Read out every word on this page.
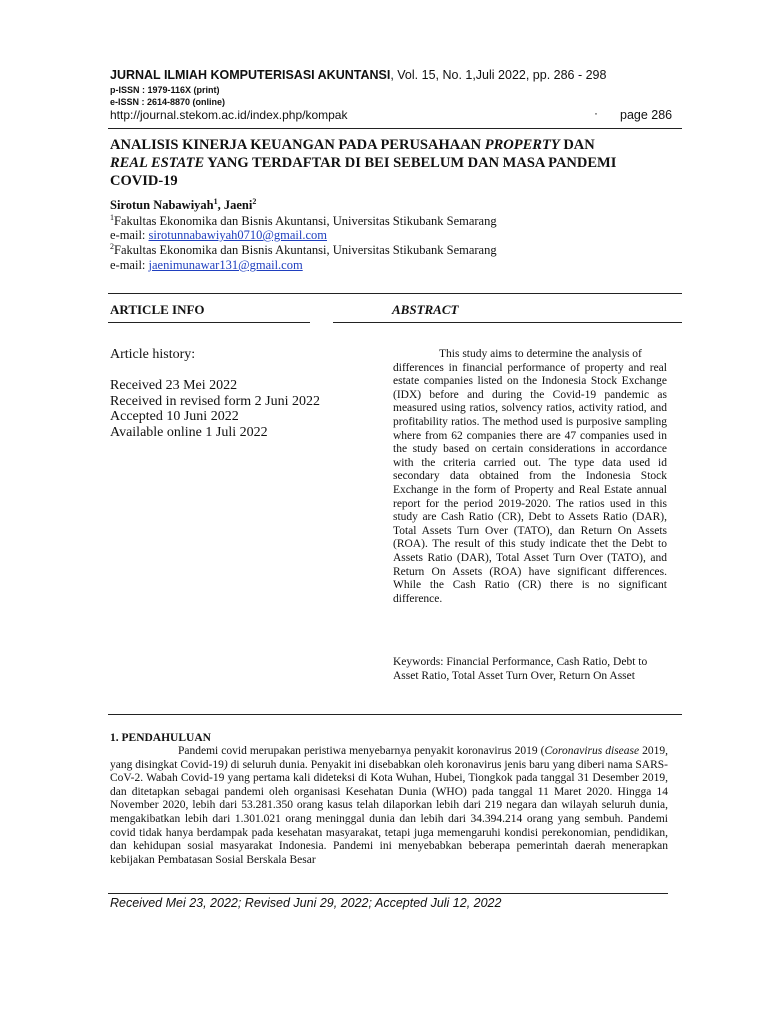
JURNAL ILMIAH KOMPUTERISASI AKUNTANSI, Vol. 15, No. 1,Juli 2022, pp. 286 - 298
p-ISSN : 1979-116X (print)
e-ISSN : 2614-8870 (online)
http://journal.stekom.ac.id/index.php/kompak	· page 286
ANALISIS KINERJA KEUANGAN PADA PERUSAHAAN PROPERTY DAN
REAL ESTATE YANG TERDAFTAR DI BEI SEBELUM DAN MASA PANDEMI
COVID-19
Sirotun Nabawiyah$^1$, Jaeni$^2$
$^1$Fakultas Ekonomika dan Bisnis Akuntansi, Universitas Stikubank Semarang
e-mail: sirotunnabawiyah0710@gmail.com
$^2$Fakultas Ekonomika dan Bisnis Akuntansi, Universitas Stikubank Semarang
e-mail: jaenimunawar131@gmail.com
ARTICLE INFO
Article history:
Received 23 Mei 2022
Received in revised form 2 Juni 2022
Accepted 10 Juni 2022
Available online 1 Juli 2022
ABSTRACT
This study aims to determine the analysis of
differences in financial performance of property and real estate companies listed on the Indonesia Stock Exchange (IDX) before and during the Covid-19 pandemic as measured using ratios, solvency ratios, activity ratiod, and profitability ratios. The method used is purposive sampling where from 62 companies there are 47 companies used in the study based on certain considerations in accordance with the criteria carried out. The type data used id secondary data obtained from the Indonesia Stock Exchange in the form of Property and Real Estate annual report for the period 2019-2020. The ratios used in this study are Cash Ratio (CR), Debt to Assets Ratio (DAR), Total Assets Turn Over (TATO), dan Return On Assets (ROA). The result of this study indicate thet the Debt to Assets Ratio (DAR), Total Asset Turn Over (TATO), and Return On Assets (ROA) have significant differences. While the Cash Ratio (CR) there is no significant difference.
Keywords: Financial Performance, Cash Ratio, Debt to Asset Ratio, Total Asset Turn Over, Return On Asset
1. PENDAHULUAN
Pandemi covid merupakan peristiwa menyebarnya penyakit koronavirus 2019 (Coronavirus disease 2019, yang disingkat Covid-19) di seluruh dunia. Penyakit ini disebabkan oleh koronavirus jenis baru yang diberi nama SARS-CoV-2. Wabah Covid-19 yang pertama kali dideteksi di Kota Wuhan, Hubei, Tiongkok pada tanggal 31 Desember 2019, dan ditetapkan sebagai pandemi oleh organisasi Kesehatan Dunia (WHO) pada tanggal 11 Maret 2020. Hingga 14 November 2020, lebih dari 53.281.350 orang kasus telah dilaporkan lebih dari 219 negara dan wilayah seluruh dunia, mengakibatkan lebih dari 1.301.021 orang meninggal dunia dan lebih dari 34.394.214 orang yang sembuh. Pandemi covid tidak hanya berdampak pada kesehatan masyarakat, tetapi juga memengaruhi kondisi perekonomian, pendidikan, dan kehidupan sosial masyarakat Indonesia. Pandemi ini menyebabkan beberapa pemerintah daerah menerapkan kebijakan Pembatasan Sosial Berskala Besar
Received Mei 23, 2022; Revised Juni 29, 2022; Accepted Juli 12, 2022
